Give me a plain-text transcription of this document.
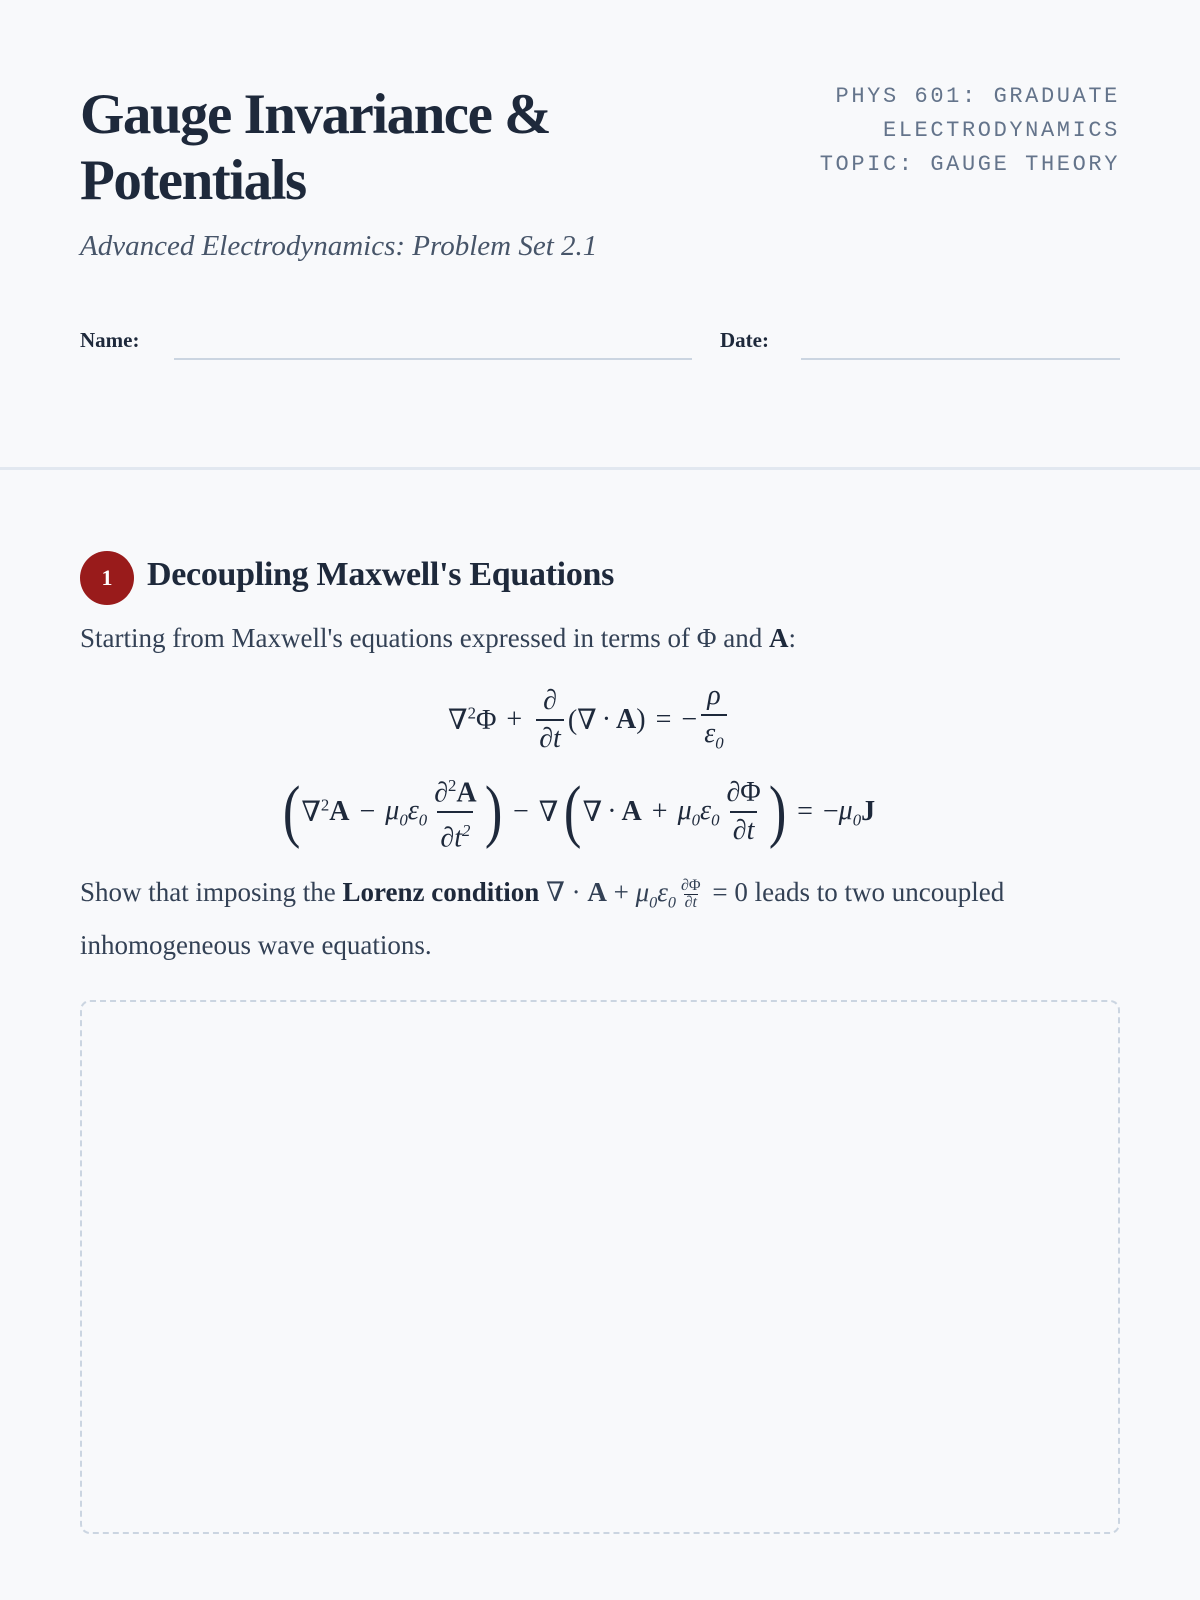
Gauge Invariance &
Potentials
Advanced Electrodynamics: Problem Set 2.1
PHYS 601: GRADUATE
ELECTRODYNAMICS
TOPIC: GAUGE THEORY
Name:	Date:
1	Decoupling Maxwell's Equations
Starting from Maxwell's equations expressed in terms of Φ and A:
$\nabla^2\Phi + \frac{\partial}{\partial t}$ (∇ · A ) = − $\frac{\rho}{\varepsilon_0}$
( ∇$^2$ $A - \mu_0\varepsilon_0 \frac{\partial^2A}{\partial t^2}$ ) − ∇ ( ∇ · $A + \mu_0\varepsilon_0 \frac{\partial\Phi}{\partial t}$ ) = − $\mu_0$ J
Show that imposing the Lorenz condition ∇ · $A + \mu_0\varepsilon_0 \frac{\partial\Phi}{\partial t} = 0$ leads to two uncoupled inhomogeneous wave equations.
